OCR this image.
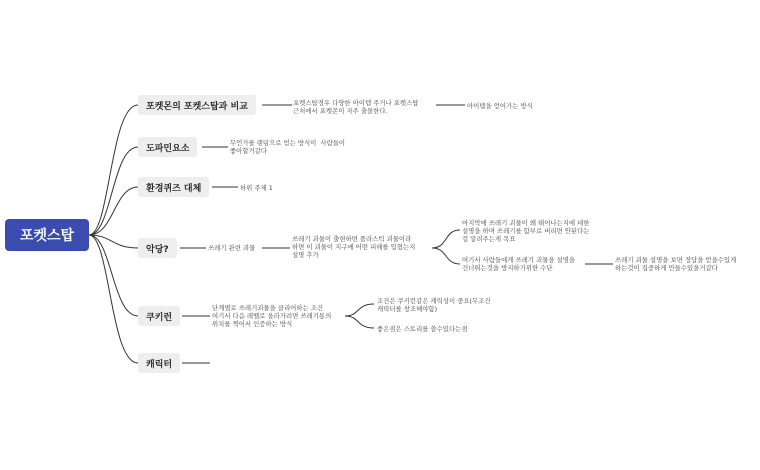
포켓스탑
포켓몬의 포켓스탑과 비교	포켓스탑경우 다양한 아이템 주거나 포켓스탑
근처에서 포켓몬이 자주 출몰한다.
아이템을 얻어가는 방식
도파민요소
무언가를 랜덤으로 얻는 방식이  사람들이
좋아할거같다
환경퀴즈 대체	하위 주제 1
악당?	쓰레기 관련 괴물
쓰레기 괴물이 출현하면 플라스틱 괴물이라
하면 이 괴물이 지구에 어떤 피해를 입혔는지
설명 추가
마지막에 쓰레기 괴물이 왜 태어나는지에 대한
설명을 하며 쓰레기를 함부로 버리면 안된다는
걸 알려주는게 목표
여기서 사람들에게 쓰레기 괴물을 설명을
건너뛰는것을 방지하기위한 수단
쓰레기 괴물 설명을 보면 정답을 얻을수있게
하는것이 집중하게 만들수있을거같다
쿠키런
단계별로 쓰레기괴물을 클리어하는 조건
여기서 다음 레벨로 올라가려면 쓰레기통의
위치를 찍어서 인증하는 방식
조건은 쿠키런같은 캐릭성이 중요(무조건
캐릭터를 창조해야함)
좋은점은 스토리를 쓸수있다는점
캐릭터
